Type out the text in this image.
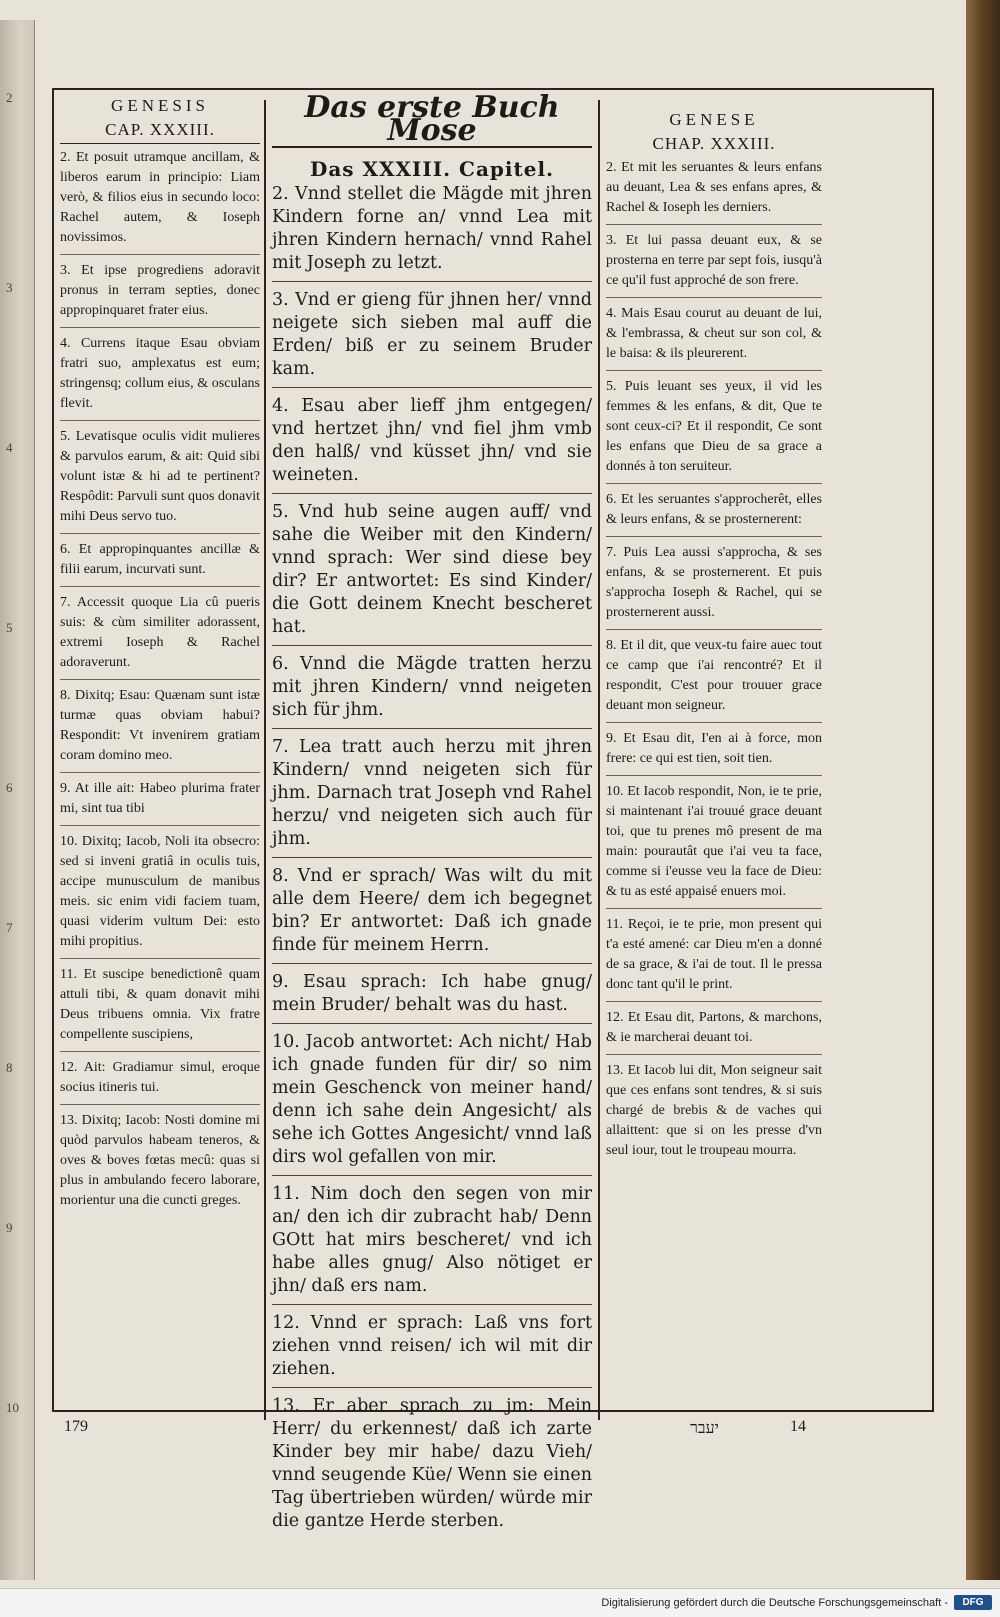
2
3
4
5
6
7
8
9
10

GENESIS

CAP. XXXIII.

2. Et posuit utramque ancillam, & liberos earum in principio: Liam verò, & filios eius in secundo loco: Rachel autem, & Ioseph novissimos.

3. Et ipse progrediens adoravit pronus in terram septies, donec appropinquaret frater eius.

4. Currens itaque Esau obviam fratri suo, amplexatus est eum; stringensq; collum eius, & osculans flevit.

5. Levatisque oculis vidit mulieres & parvulos earum, & ait: Quid sibi volunt istæ & hi ad te pertinent? Respôdit: Parvuli sunt quos donavit mihi Deus servo tuo.

6. Et appropinquantes ancillæ & filii earum, incurvati sunt.

7. Accessit quoque Lia cû pueris suis: & cùm similiter adorassent, extremi Ioseph & Rachel adoraverunt.

8. Dixitq; Esau: Quænam sunt istæ turmæ quas obviam habui? Respondit: Vt invenirem gratiam coram domino meo.

9. At ille ait: Habeo plurima frater mi, sint tua tibi

10. Dixitq; Iacob, Noli ita obsecro: sed si inveni gratiâ in oculis tuis, accipe munusculum de manibus meis. sic enim vidi faciem tuam, quasi viderim vultum Dei: esto mihi propitius.

11. Et suscipe benedictionê quam attuli tibi, & quam donavit mihi Deus tribuens omnia. Vix fratre compellente suscipiens,

12. Ait: Gradiamur simul, eroque socius itineris tui.

13. Dixitq; Iacob: Nosti domine mi quòd parvulos habeam teneros, & oves & boves fœtas mecû: quas si plus in ambulando fecero laborare, morientur una die cuncti greges.

Das erste Buch Mose

Das XXXIII. Capitel.

2. Vnnd stellet die Mägde mit jhren Kindern forne an/ vnnd Lea mit jhren Kindern hernach/ vnnd Rahel mit Joseph zu letzt.

3. Vnd er gieng für jhnen her/ vnnd neigete sich sieben mal auff die Erden/ biß er zu seinem Bruder kam.

4. Esau aber lieff jhm entgegen/ vnd hertzet jhn/ vnd fiel jhm vmb den halß/ vnd küsset jhn/ vnd sie weineten.

5. Vnd hub seine augen auff/ vnd sahe die Weiber mit den Kindern/ vnnd sprach: Wer sind diese bey dir? Er antwortet: Es sind Kinder/ die Gott deinem Knecht bescheret hat.

6. Vnnd die Mägde tratten herzu mit jhren Kindern/ vnnd neigeten sich für jhm.

7. Lea tratt auch herzu mit jhren Kindern/ vnnd neigeten sich für jhm. Darnach trat Joseph vnd Rahel herzu/ vnd neigeten sich auch für jhm.

8. Vnd er sprach/ Was wilt du mit alle dem Heere/ dem ich begegnet bin? Er antwortet: Daß ich gnade finde für meinem Herrn.

9. Esau sprach: Ich habe gnug/ mein Bruder/ behalt was du hast.

10. Jacob antwortet: Ach nicht/ Hab ich gnade funden für dir/ so nim mein Geschenck von meiner hand/ denn ich sahe dein Angesicht/ als sehe ich Gottes Angesicht/ vnnd laß dirs wol gefallen von mir.

11. Nim doch den segen von mir an/ den ich dir zubracht hab/ Denn GOtt hat mirs bescheret/ vnd ich habe alles gnug/ Also nötiget er jhn/ daß ers nam.

12. Vnnd er sprach: Laß vns fort ziehen vnnd reisen/ ich wil mit dir ziehen.

13. Er aber sprach zu jm: Mein Herr/ du erkennest/ daß ich zarte Kinder bey mir habe/ dazu Vieh/ vnnd seugende Küe/ Wenn sie einen Tag übertrieben würden/ würde mir die gantze Herde sterben.

GENESE

CHAP. XXXIII.

2. Et mit les seruantes & leurs enfans au deuant, Lea & ses enfans apres, & Rachel & Ioseph les derniers.

3. Et lui passa deuant eux, & se prosterna en terre par sept fois, iusqu'à ce qu'il fust approché de son frere.

4. Mais Esau courut au deuant de lui, & l'embrassa, & cheut sur son col, & le baisa: & ils pleurerent.

5. Puis leuant ses yeux, il vid les femmes & les enfans, & dit, Que te sont ceux-ci? Et il respondit, Ce sont les enfans que Dieu de sa grace a donnés à ton seruiteur.

6. Et les seruantes s'approcherêt, elles & leurs enfans, & se prosternerent:

7. Puis Lea aussi s'approcha, & ses enfans, & se prosternerent. Et puis s'approcha Ioseph & Rachel, qui se prosternerent aussi.

8. Et il dit, que veux-tu faire auec tout ce camp que i'ai rencontré? Et il respondit, C'est pour trouuer grace deuant mon seigneur.

9. Et Esau dit, I'en ai à force, mon frere: ce qui est tien, soit tien.

10. Et Iacob respondit, Non, ie te prie, si maintenant i'ai trouué grace deuant toi, que tu prenes mô present de ma main: pourautât que i'ai veu ta face, comme si i'eusse veu la face de Dieu: & tu as esté appaisé enuers moi.

11. Reçoi, ie te prie, mon present qui t'a esté amené: car Dieu m'en a donné de sa grace, & i'ai de tout. Il le pressa donc tant qu'il le print.

12. Et Esau dit, Partons, & marchons, & ie marcherai deuant toi.

13. Et Iacob lui dit, Mon seigneur sait que ces enfans sont tendres, & si suis chargé de brebis & de vaches qui allaittent: que si on les presse d'vn seul iour, tout le troupeau mourra.

179	יעבר	14
Digitalisierung gefördert durch die Deutsche Forschungsgemeinschaft -	DFG
